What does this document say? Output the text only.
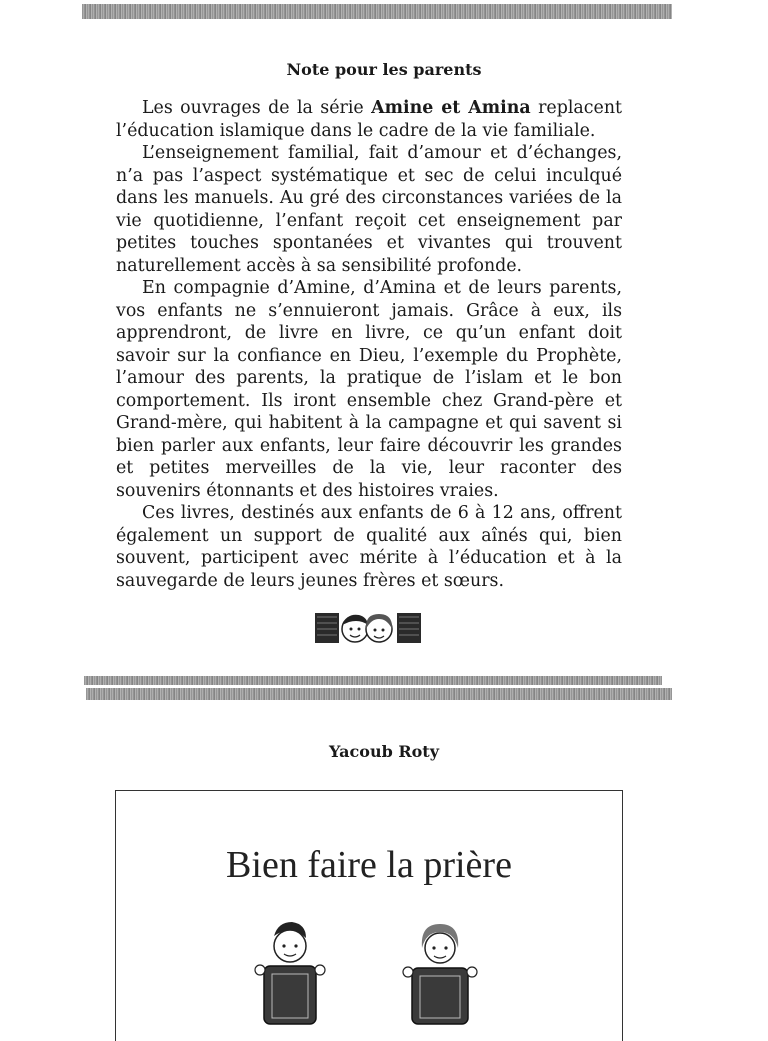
Note pour les parents

Les ouvrages de la série Amine et Amina replacent l’éducation islamique dans le cadre de la vie familiale.

L’enseignement familial, fait d’amour et d’échanges, n’a pas l’aspect systématique et sec de celui inculqué dans les manuels. Au gré des circonstances variées de la vie quotidienne, l’enfant reçoit cet enseignement par petites touches spontanées et vivantes qui trouvent naturellement accès à sa sensibilité profonde.

En compagnie d’Amine, d’Amina et de leurs parents, vos enfants ne s’ennuieront jamais. Grâce à eux, ils apprendront, de livre en livre, ce qu’un enfant doit savoir sur la confiance en Dieu, l’exemple du Prophète, l’amour des parents, la pratique de l’islam et le bon comportement. Ils iront ensemble chez Grand-père et Grand-mère, qui habitent à la campagne et qui savent si bien parler aux enfants, leur faire découvrir les grandes et petites merveilles de la vie, leur raconter des souvenirs étonnants et des histoires vraies.

Ces livres, destinés aux enfants de 6 à 12 ans, offrent également un support de qualité aux aînés qui, bien souvent, participent avec mérite à l’éducation et à la sauvegarde de leurs jeunes frères et sœurs.

Yacoub Roty
Bien faire la prière
